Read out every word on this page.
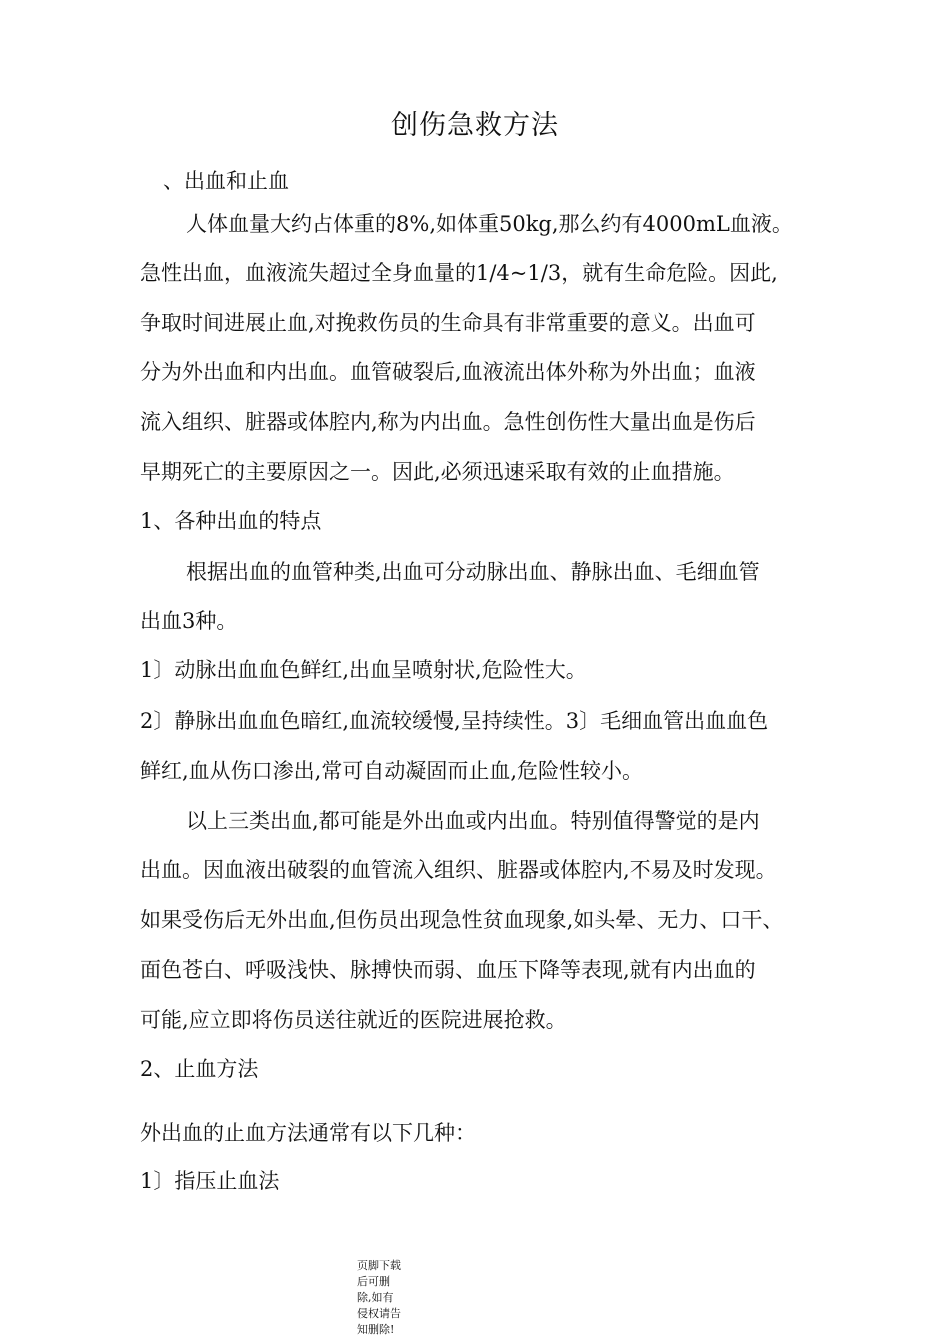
创伤急救方法
、出血和止血
人体血量大约占体重的8%,如体重50kg,那么约有4000mL血液。
急性出血，血液流失超过全身血量的1/4~1/3，就有生命危险。因此,
争取时间进展止血,对挽救伤员的生命具有非常重要的意义。出血可
分为外出血和内出血。血管破裂后,血液流出体外称为外出血；血液
流入组织、脏器或体腔内,称为内出血。急性创伤性大量出血是伤后
早期死亡的主要原因之一。因此,必须迅速采取有效的止血措施。
1、各种出血的特点
根据出血的血管种类,出血可分动脉出血、静脉出血、毛细血管
出血3种。
1〕动脉出血血色鲜红,出血呈喷射状,危险性大。
2〕静脉出血血色暗红,血流较缓慢,呈持续性。3〕毛细血管出血血色
鲜红,血从伤口渗出,常可自动凝固而止血,危险性较小。
以上三类出血,都可能是外出血或内出血。特别值得警觉的是内
出血。因血液出破裂的血管流入组织、脏器或体腔内,不易及时发现。
如果受伤后无外出血,但伤员出现急性贫血现象,如头晕、无力、口干、
面色苍白、呼吸浅快、脉搏快而弱、血压下降等表现,就有内出血的
可能,应立即将伤员送往就近的医院进展抢救。
2、止血方法
外出血的止血方法通常有以下几种：
1〕指压止血法
页脚下载后可删除,如有侵权请告知删除!
